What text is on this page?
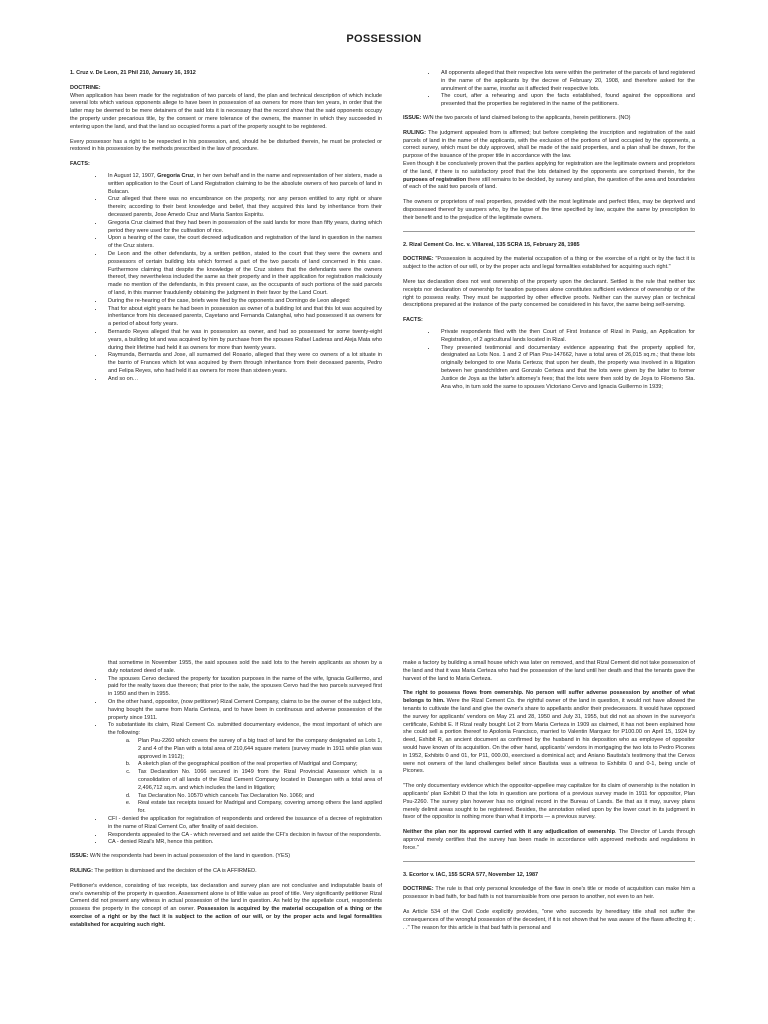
POSSESSION
1. Cruz v. De Leon, 21 Phil 210, January 16, 1912
DOCTRINE:
When application has been made for the registration of two parcels of land, the plan and technical description of which include several lots which various opponents allege to have been in possession of as owners for more than ten years, in order that the latter may be deemed to be mere detainers of the said lots it is necessary that the record show that the said opponents occupy the property under precarious title, by the consent or mere tolerance of the owners, the manner in which they succeeded in entering upon the land, and that the land so occupied forms a part of the property sought to be registered.

Every possessor has a right to be respected in his possession, and, should he be disturbed therein, he must be protected or restored in his possession by the methods prescribed in the law of procedure.

FACTS:
• In August 12, 1907, Gregoria Cruz, in her own behalf and in the name and representation of her sisters, made a written application to the Court of Land Registration claiming to be the absolute owners of two parcels of land in Bulacan.
• Cruz alleged that there was no encumbrance on the property, nor any person entitled to any right or share therein; according to their best knowledge and belief, that they acquired this land by inheritance from their deceased parents, Jose Amedo Cruz and Maria Santos Espiritu.
• Gregoria Cruz claimed that they had been in possession of the said lands for more than fifty years, during which period they were used for the cultivation of rice.
• Upon a hearing of the case, the court decreed adjudication and registration of the land in question in the names of the Cruz sisters.
• De Leon and the other defendants, by a written petition, stated to the court that they were the owners and possessors of certain building lots which formed a part of the two parcels of land concerned in this case. Furthermore claiming that despite the knowledge of the Cruz sisters that the defendants were the owners thereof, they nevertheless included the same as their property and in their application for registration maliciously made no mention of the defendants, in this present case, as the occupants of such portions of the said parcels of land, in this manner fraudulently obtaining the judgment in their favor by the Land Court.
• During the re-hearing of the case, briefs were filed by the opponents and Domingo de Leon alleged:
• That for about eight years he had been in possession as owner of a building lot and that this lot was acquired by inheritance from his deceased parents, Cayetano and Fernanda Catanghal, who had possessed it as owners for a period of about forty years.
• Bernardo Reyes alleged that he was in possession as owner, and had so possessed for some twenty-eight years, a building lot and was acquired by him by purchase from the spouses Rafael Laderas and Aleja Mata who during their lifetime had held it as owners for more than twenty years.
• Raymunda, Bernarda and Jose, all surnamed del Rosario, alleged that they were co owners of a lot situate in the barrio of Frances which lot was acquired by them through inheritance from their deceased parents, Pedro and Felipa Reyes, who had held it as owners for more than sixteen years.
• And so on…
• All opponents alleged that their respective lots were within the perimeter of the parcels of land registered in the name of the applicants by the decree of February 20, 1908, and therefore asked for the annulment of the same, insofar as it affected their respective lots.
• The court, after a rehearing and upon the facts established, found against the oppositions and presented that the properties be registered in the name of the petitioners.

ISSUE: W/N the two parcels of land claimed belong to the applicants, herein petitioners. (NO)

RULING: The judgment appealed from is affirmed; but before completing the inscription and registration of the said parcels of land in the name of the applicants, with the exclusion of the portions of land occupied by the opponents, a correct survey, which must be duly approved, shall be made of the said properties, and a plan shall be drawn, for the purpose of the issuance of the proper title in accordance with the law.

Even though it be conclusively proven that the parties applying for registration are the legitimate owners and proprietors of the land, if there is no satisfactory proof that the lots detained by the opponents are comprised therein, for the purposes of registration there still remains to be decided, by survey and plan, the question of the area and boundaries of each of the said two parcels of land.

The owners or proprietors of real properties, provided with the most legitimate and perfect titles, may be deprived and dispossessed thereof by usurpers who, by the lapse of the time specified by law, acquire the same by prescription to their benefit and to the prejudice of the legitimate owners.

2. Rizal Cement Co. Inc. v. Villareal, 135 SCRA 15, February 28, 1985

DOCTRINE: "Possession is acquired by the material occupation of a thing or the exercise of a right or by the fact it is subject to the action of our will, or by the proper acts and legal formalities established for acquiring such right."

Mere tax declaration does not vest ownership of the property upon the declarant. Settled is the rule that neither tax receipts nor declaration of ownership for taxation purposes alone constitutes sufficient evidence of ownership or of the right to possess realty. They must be supported by other effective proofs. Neither can the survey plan or technical descriptions prepared at the instance of the party concerned be considered in his favor, the same being self-serving.

FACTS:
• Private respondents filed with the then Court of First Instance of Rizal in Pasig, an Application for Registration, of 2 agricultural lands located in Rizal.
• They presented testimonial and documentary evidence appearing that the property applied for, designated as Lots Nos. 1 and 2 of Plan Psu-147662, have a total area of 26,015 sq.m.; that these lots originally belonged to one Maria Certeza; that upon her death, the property was involved in a litigation between her grandchildren and Gonzalo Certeza and that the lots were given by the latter to former Justice de Joya as the latter's attorney's fees; that the lots were then sold by de Joya to Filomeno Sta. Ana who, in turn sold the same to spouses Victoriano Cervo and Ignacia Guillermo in 1939;
that sometime in November 1955, the said spouses sold the said lots to the herein applicants as shown by a duly notarized deed of sale.
• The spouses Cervo declared the property for taxation purposes in the name of the wife, Ignacia Guillermo, and paid for the realty taxes due thereon; that prior to the sale, the spouses Cervo had the two parcels surveyed first in 1950 and then in 1955.
• On the other hand, oppositor, (now petitioner) Rizal Cement Company, claims to be the owner of the subject lots, having bought the same from Maria Certeza, and to have been in continuous and adverse possession of the property since 1911.
• To substantiate its claim, Rizal Cement Co. submitted documentary evidence, the most important of which are the following:
a. Plan Psu-2260 which covers the survey of a big tract of land for the company designated as Lots 1, 2 and 4 of the Plan with a total area of 210,644 square meters (survey made in 1911 while plan was approved in 1912);
b. A sketch plan of the geographical position of the real properties of Madrigal and Company;
c. Tax Declaration No. 1066 secured in 1949 from the Rizal Provincial Assessor which is a consolidation of all lands of the Rizal Cement Company located in Darangan with a total area of 2,496,712 sq.m. and which includes the land in litigation;
d. Tax Declaration No. 10570 which cancels Tax Declaration No. 1066; and
e. Real estate tax receipts issued for Madrigal and Company, covering among others the land applied for.
• CFI - denied the application for registration of respondents and ordered the issuance of a decree of registration in the name of Rizal Cement Co, after finality of said decision.
• Respondents appealed to the CA - which reversed and set aside the CFI's decision in favour of the respondents.
• CA - denied Rizal's MR, hence this petition.

ISSUE: W/N the respondents had been in actual possession of the land in question. (YES)

RULING: The petition is dismissed and the decision of the CA is AFFIRMED.

Petitioner's evidence, consisting of tax receipts, tax declaration and survey plan are not conclusive and indisputable basis of one's ownership of the property in question. Assessment alone is of little value as proof of title. Very significantly petitioner Rizal Cement did not present any witness in actual possession of the land in question. As held by the appellate court, respondents possess the property in the concept of an owner. Possession is acquired by the material occupation of a thing or the exercise of a right or by the fact it is subject to the action of our will, or by the proper acts and legal formalities established for acquiring such right.

make a factory by building a small house which was later on removed, and that Rizal Cement did not take possession of the land and that it was Maria Certeza who had the possession of the land until her death and that the tenants gave the harvest of the land to Maria Certeza.

The right to possess flows from ownership. No person will suffer adverse possession by another of what belongs to him. Were the Rizal Cement Co. the rightful owner of the land in question, it would not have allowed the tenants to cultivate the land and give the owner's share to appellants and/or their predecessors. It would have opposed the survey for applicants' vendors on May 21 and 28, 1950 and July 31, 1955, but did not as shown in the surveyor's certificate, Exhibit E. If Rizal really bought Lot 2 from Maria Certeza in 1909 as claimed, it has not been explained how she could sell a portion thereof to Apolonia Francisco, married to Valentin Marquez for P100.00 on April 15, 1924 by deed, Exhibit R, an ancient document as confirmed by the husband in his deposition who as employee of oppositor would have known of its acquisition. On the other hand, applicants' vendors in mortgaging the two lots to Pedro Picones in 1952, Exhibits 0 and 01, for P11, 000.00, exercised a dominical act; and Aniano Bautista's testimony that the Cervos were not owners of the land challenges belief since Bautista was a witness to Exhibits 0 and 0-1, being uncle of Picones.

"The only documentary evidence which the oppositor-appellee may capitalize for its claim of ownership is the notation in applicants' plan Exhibit D that the lots in question are portions of a previous survey made in 1911 for oppositor, Plan Psu-2260. The survey plan however has no original record in the Bureau of Lands. Be that as it may, survey plans merely delimit areas sought to be registered. Besides, the annotation relied upon by the lower court in its judgment in favor of the oppositor is nothing more than what it imports — a previous survey.

Neither the plan nor its approval carried with it any adjudication of ownership. The Director of Lands through approval merely certifies that the survey has been made in accordance with approved methods and regulations in force."

3. Ecortor v. IAC, 155 SCRA 577, November 12, 1987

DOCTRINE: The rule is that only personal knowledge of the flaw in one's title or mode of acquisition can make him a possessor in bad faith, for bad faith is not transmissible from one person to another, not even to an heir.

As Article 534 of the Civil Code explicitly provides, "one who succeeds by hereditary title shall not suffer the consequences of the wrongful possession of the decedent, if it is not shown that he was aware of the flaws affecting it; . . ." The reason for this article is that bad faith is personal and
